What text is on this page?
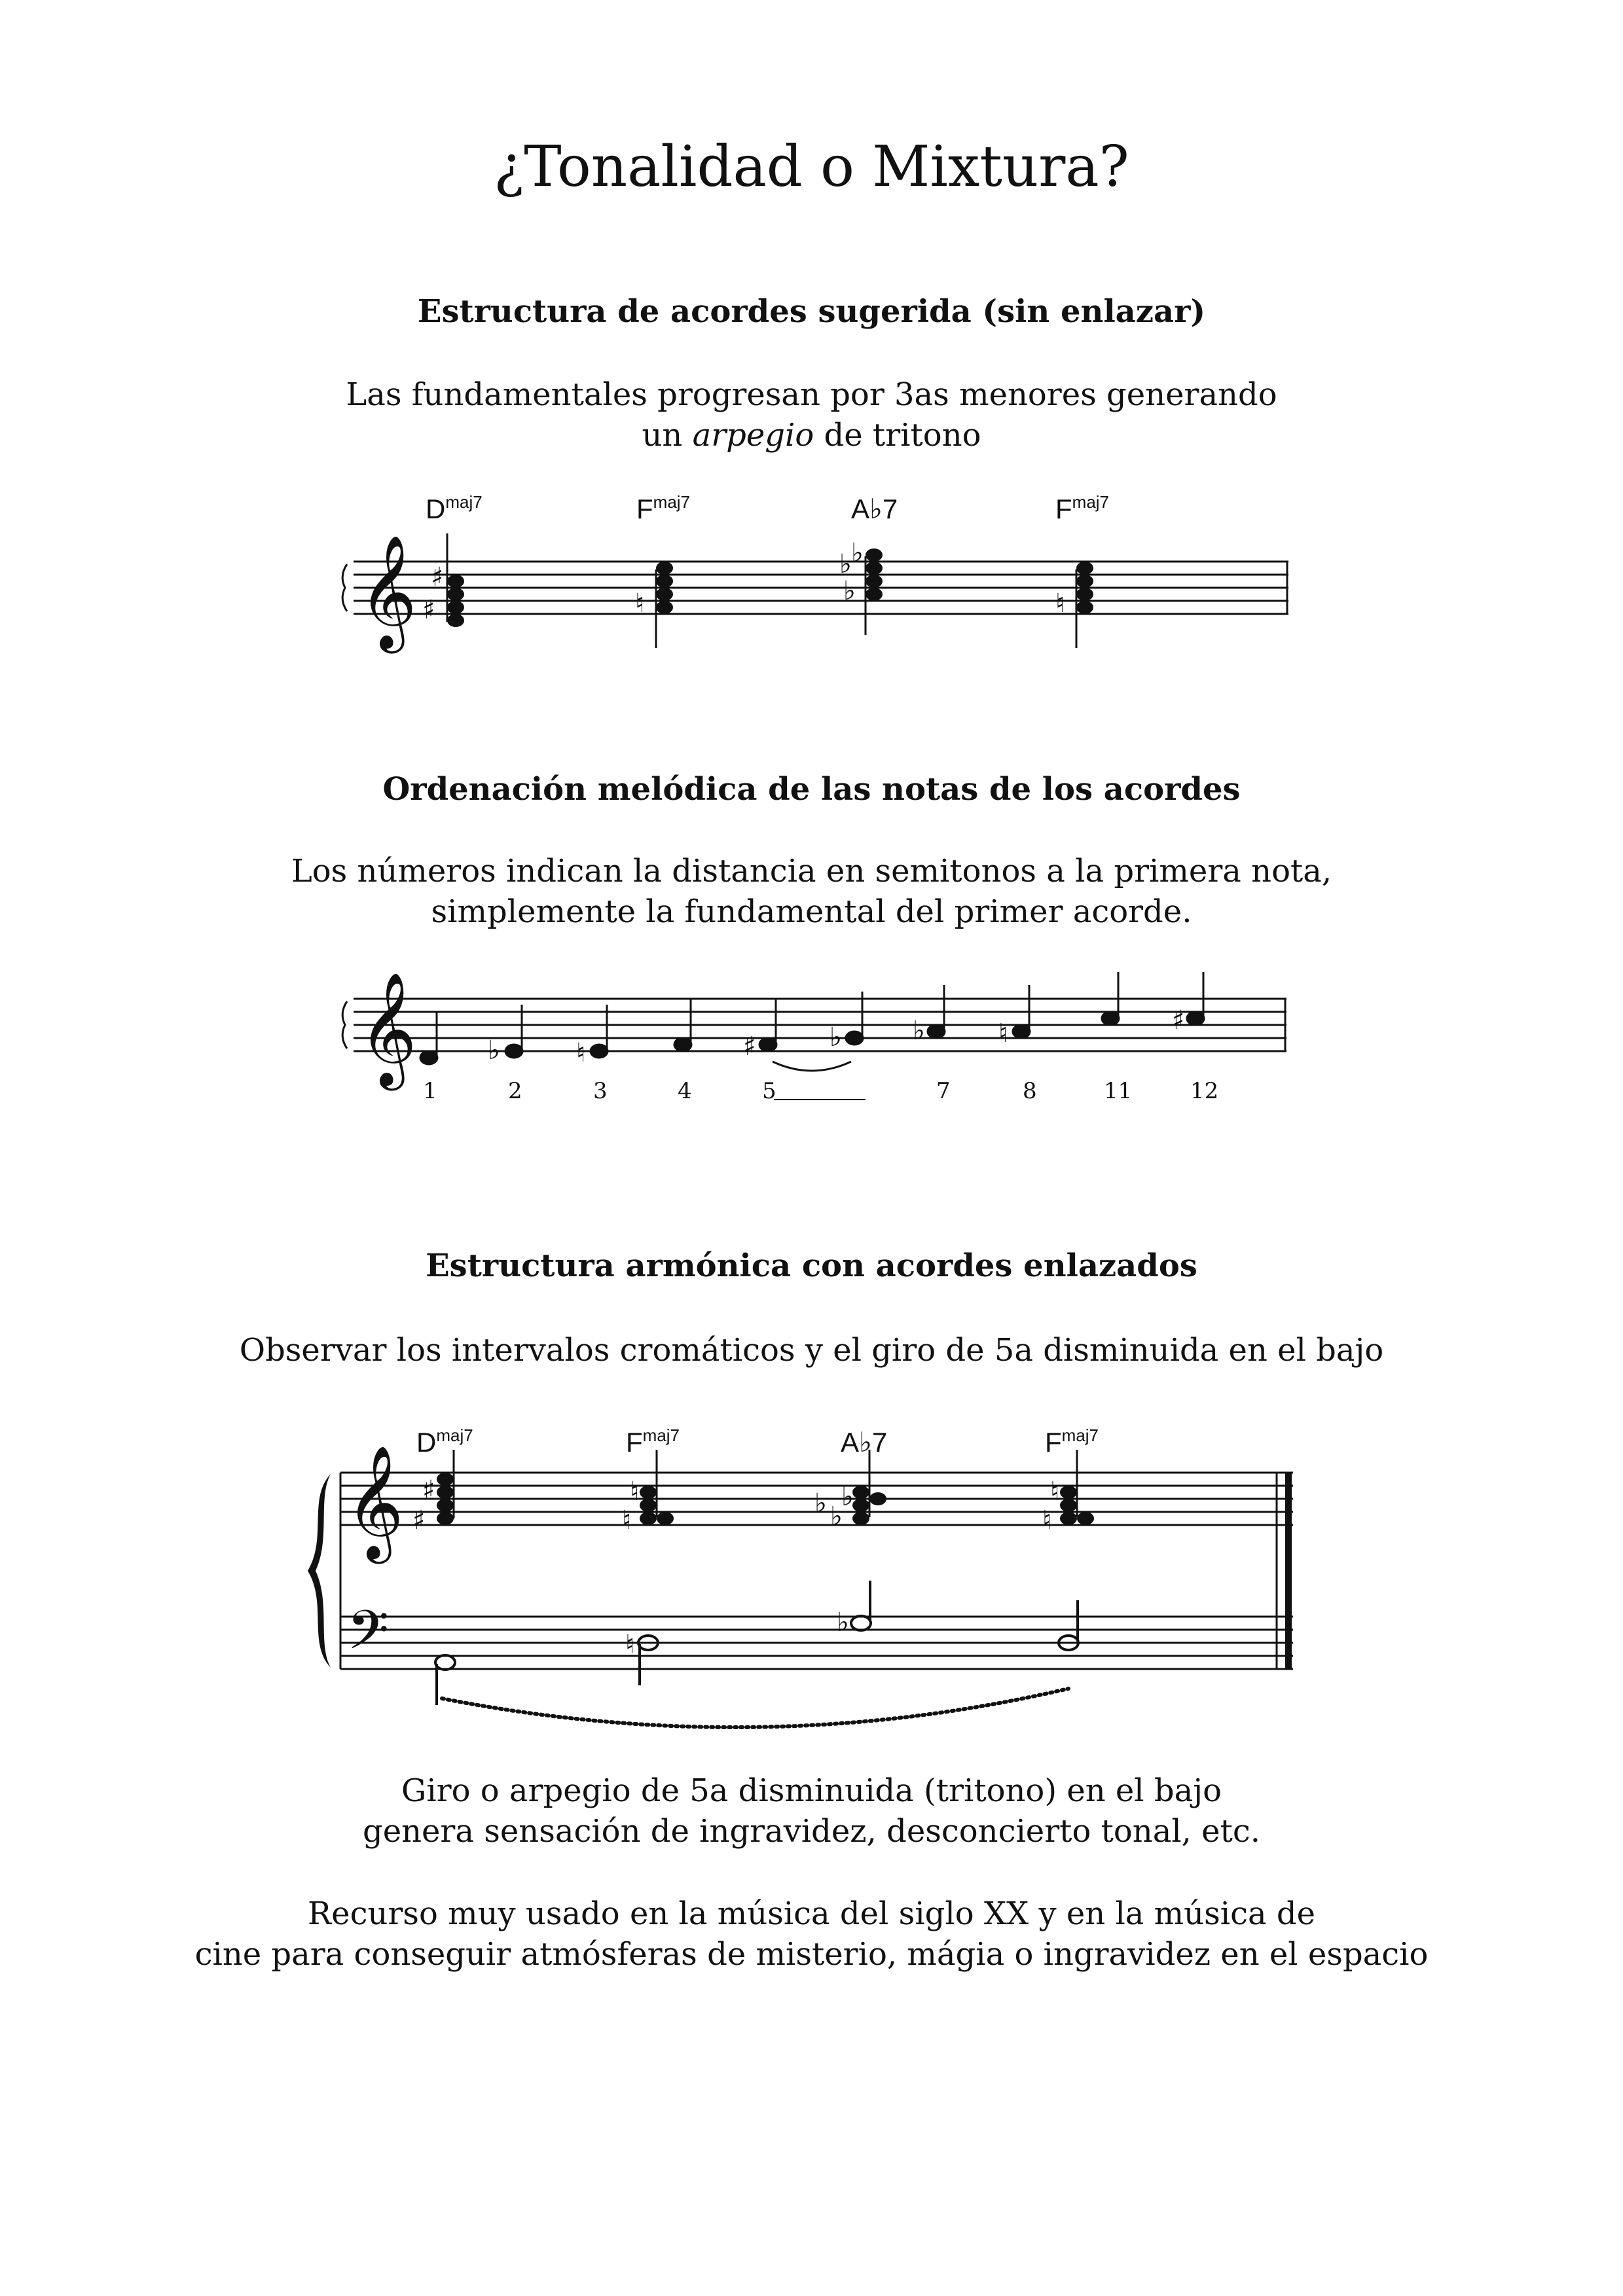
¿Tonalidad o Mixtura?
Estructura de acordes sugerida (sin enlazar)

Las fundamentales progresan por 3as menores generando

un arpegio de tritono

𝄞
$D^{maj7}$	$F^{maj7}$	A♭7	$F^{maj7}$
♯
♯
♮	♭
♭ ♭
♮
Ordenación melódica de las notas de los acordes

Los números indican la distancia en semitonos a la primera nota,

simplemente la fundamental del primer acorde.

𝄞	♭	♮	♯	♭	♭	♮	♯
1	2	3	4	5	7	8	11	12
Estructura armónica con acordes enlazados

Observar los intervalos cromáticos y el giro de 5a disminuida en el bajo

𝄞
𝄢
$D^{maj7}$	$F^{maj7}$	A♭7	$F^{maj7}$
♯
♯
♮
♮
♭
♭ ♭
♮
♮
♮
♭

Giro o arpegio de 5a disminuida (tritono) en el bajo

genera sensación de ingravidez, desconcierto tonal, etc.

Recurso muy usado en la música del siglo XX y en la música de

cine para conseguir atmósferas de misterio, mágia o ingravidez en el espacio
